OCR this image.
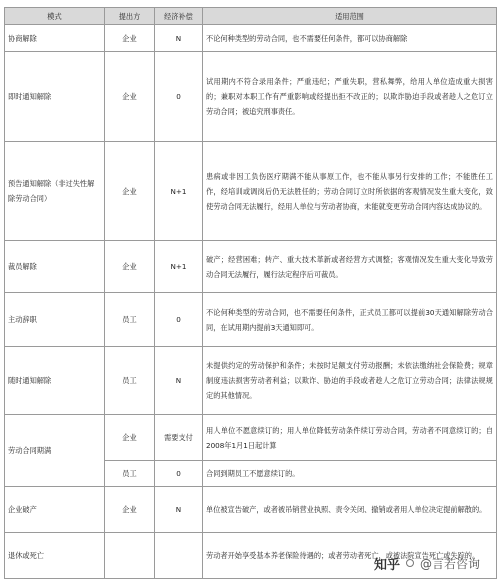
模式	提出方	经济补偿	适用范围
协商解除	企业	N	不论何种类型的劳动合同，也不需要任何条件，都可以协商解除
即时通知解除	企业	0	试用期内不符合录用条件；严重违纪；严重失职，营私舞弊，给用人单位造成重大损害的；兼职对本职工作有严重影响或经提出拒不改正的；以欺诈胁迫手段或者趁人之危订立劳动合同；被追究刑事责任。
预告通知解除（非过失性解除劳动合同）	企业	N+1	患病或非因工负伤医疗期满不能从事原工作，也不能从事另行安排的工作；不能胜任工作，经培训或调岗后仍无法胜任的；劳动合同订立时所依据的客观情况发生重大变化，致使劳动合同无法履行，经用人单位与劳动者协商，未能就变更劳动合同内容达成协议的。
裁员解除	企业	N+1	破产；经营困难；转产、重大技术革新或者经营方式调整；客观情况发生重大变化导致劳动合同无法履行，履行法定程序后可裁员。
主动辞职	员工	0	不论何种类型的劳动合同，也不需要任何条件，正式员工都可以提前30天通知解除劳动合同，在试用期内提前3天通知即可。
随时通知解除	员工	N	未提供约定的劳动保护和条件；未按时足额支付劳动报酬；未依法缴纳社会保险费；规章制度违法损害劳动者利益；以欺诈、胁迫的手段或者趁人之危订立劳动合同；法律法规规定的其他情况。
劳动合同期满	企业	需要支付	用人单位不愿意续订的；用人单位降低劳动条件续订劳动合同，劳动者不同意续订的；自2008年1月1日起计算
	员工	0	合同到期员工不愿意续订的。
企业破产	企业	N	单位被宣告破产，或者被吊销营业执照、责令关闭、撤销或者用人单位决定提前解散的。
退休或死亡			劳动者开始享受基本养老保险待遇的；或者劳动者死亡，或被法院宣告死亡或失踪的。
知乎 @言若咨询
